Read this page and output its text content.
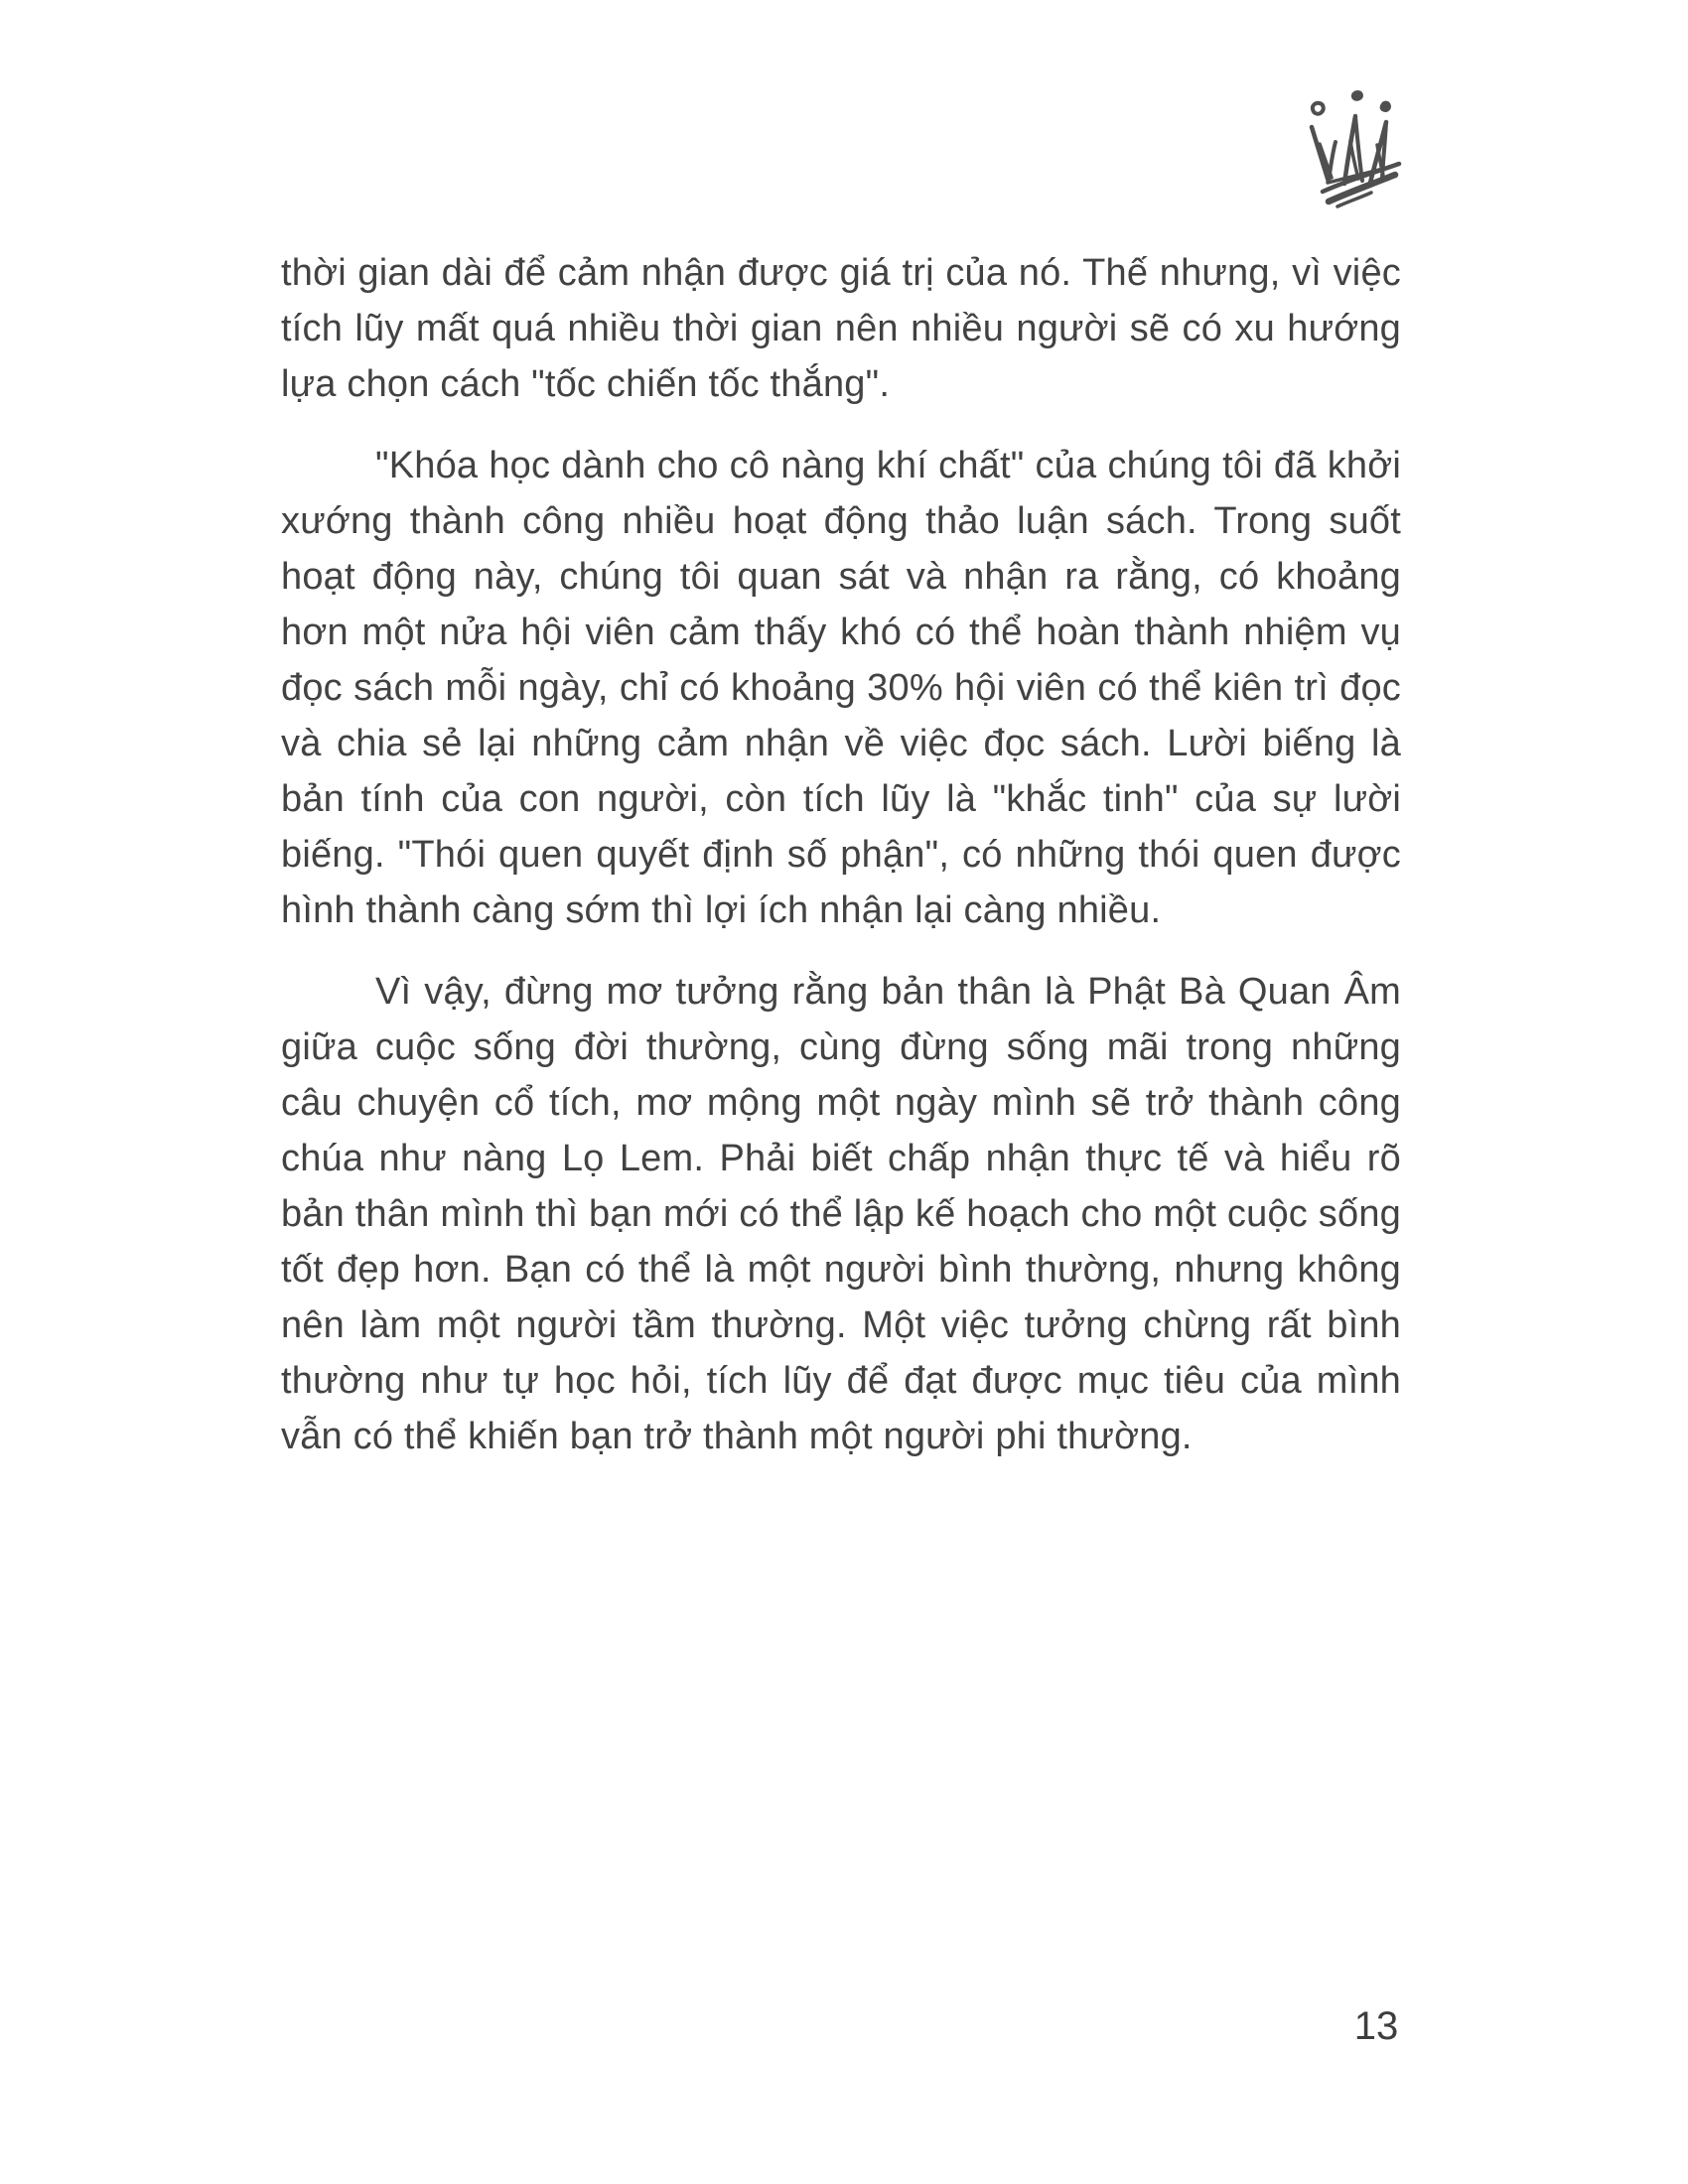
thời gian dài để cảm nhận được giá trị của nó. Thế nhưng, vì việc tích lũy mất quá nhiều thời gian nên nhiều người sẽ có xu hướng lựa chọn cách "tốc chiến tốc thắng".

"Khóa học dành cho cô nàng khí chất" của chúng tôi đã khởi xướng thành công nhiều hoạt động thảo luận sách. Trong suốt hoạt động này, chúng tôi quan sát và nhận ra rằng, có khoảng hơn một nửa hội viên cảm thấy khó có thể hoàn thành nhiệm vụ đọc sách mỗi ngày, chỉ có khoảng 30% hội viên có thể kiên trì đọc và chia sẻ lại những cảm nhận về việc đọc sách. Lười biếng là bản tính của con người, còn tích lũy là "khắc tinh" của sự lười biếng. "Thói quen quyết định số phận", có những thói quen được hình thành càng sớm thì lợi ích nhận lại càng nhiều.

Vì vậy, đừng mơ tưởng rằng bản thân là Phật Bà Quan Âm giữa cuộc sống đời thường, cùng đừng sống mãi trong những câu chuyện cổ tích, mơ mộng một ngày mình sẽ trở thành công chúa như nàng Lọ Lem. Phải biết chấp nhận thực tế và hiểu rõ bản thân mình thì bạn mới có thể lập kế hoạch cho một cuộc sống tốt đẹp hơn. Bạn có thể là một người bình thường, nhưng không nên làm một người tầm thường. Một việc tưởng chừng rất bình thường như tự học hỏi, tích lũy để đạt được mục tiêu của mình vẫn có thể khiến bạn trở thành một người phi thường.

13
